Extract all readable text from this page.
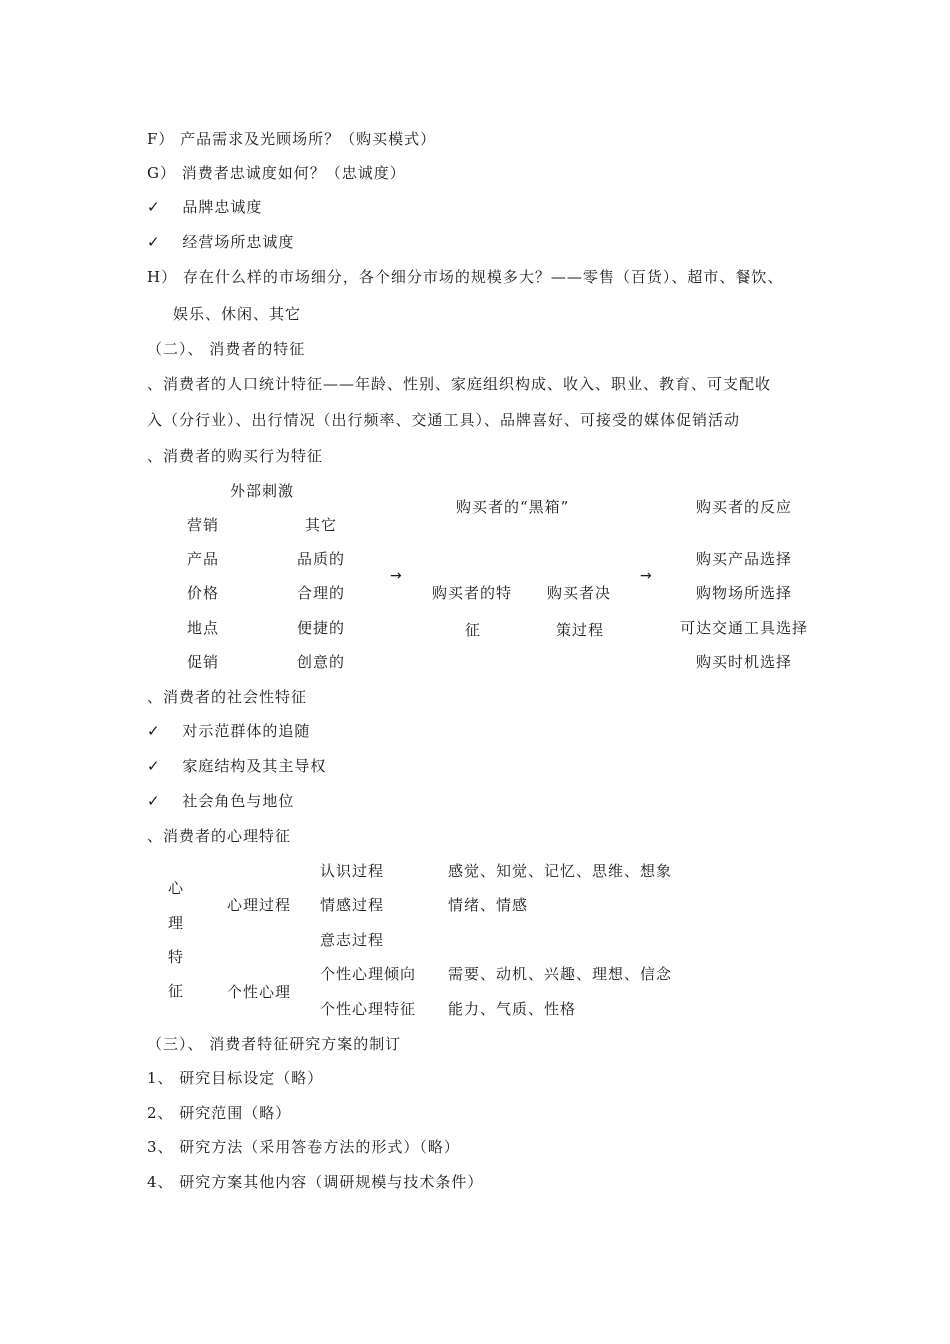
F） 产品需求及光顾场所？（购买模式）
G） 消费者忠诚度如何？（忠诚度）
✓ 品牌忠诚度
✓ 经营场所忠诚度
H） 存在什么样的市场细分，各个细分市场的规模多大？——零售（百货）、超市、餐饮、
娱乐、休闲、其它
（二）、 消费者的特征
、消费者的人口统计特征——年龄、性别、家庭组织构成、收入、职业、教育、可支配收
入（分行业）、出行情况（出行频率、交通工具）、品牌喜好、可接受的媒体促销活动
、消费者的购买行为特征
外部刺激
营销
产品
价格
地点
促销
其它
品质的
合理的
便捷的
创意的
→
购买者的“黑箱”
购买者的特
征
购买者决
策过程
→
购买者的反应
购买产品选择
购物场所选择
可达交通工具选择
购买时机选择
、消费者的社会性特征
✓ 对示范群体的追随
✓ 家庭结构及其主导权
✓ 社会角色与地位
、消费者的心理特征
心
理
特
征
心理过程
个性心理
认识过程	感觉、知觉、记忆、思维、想象
情感过程	情绪、情感
意志过程
个性心理倾向 需要、动机、兴趣、理想、信念
个性心理特征 能力、气质、性格
（三）、 消费者特征研究方案的制订
1、 研究目标设定（略）
2、 研究范围（略）
3、 研究方法（采用答卷方法的形式）（略）
4、 研究方案其他内容（调研规模与技术条件）
